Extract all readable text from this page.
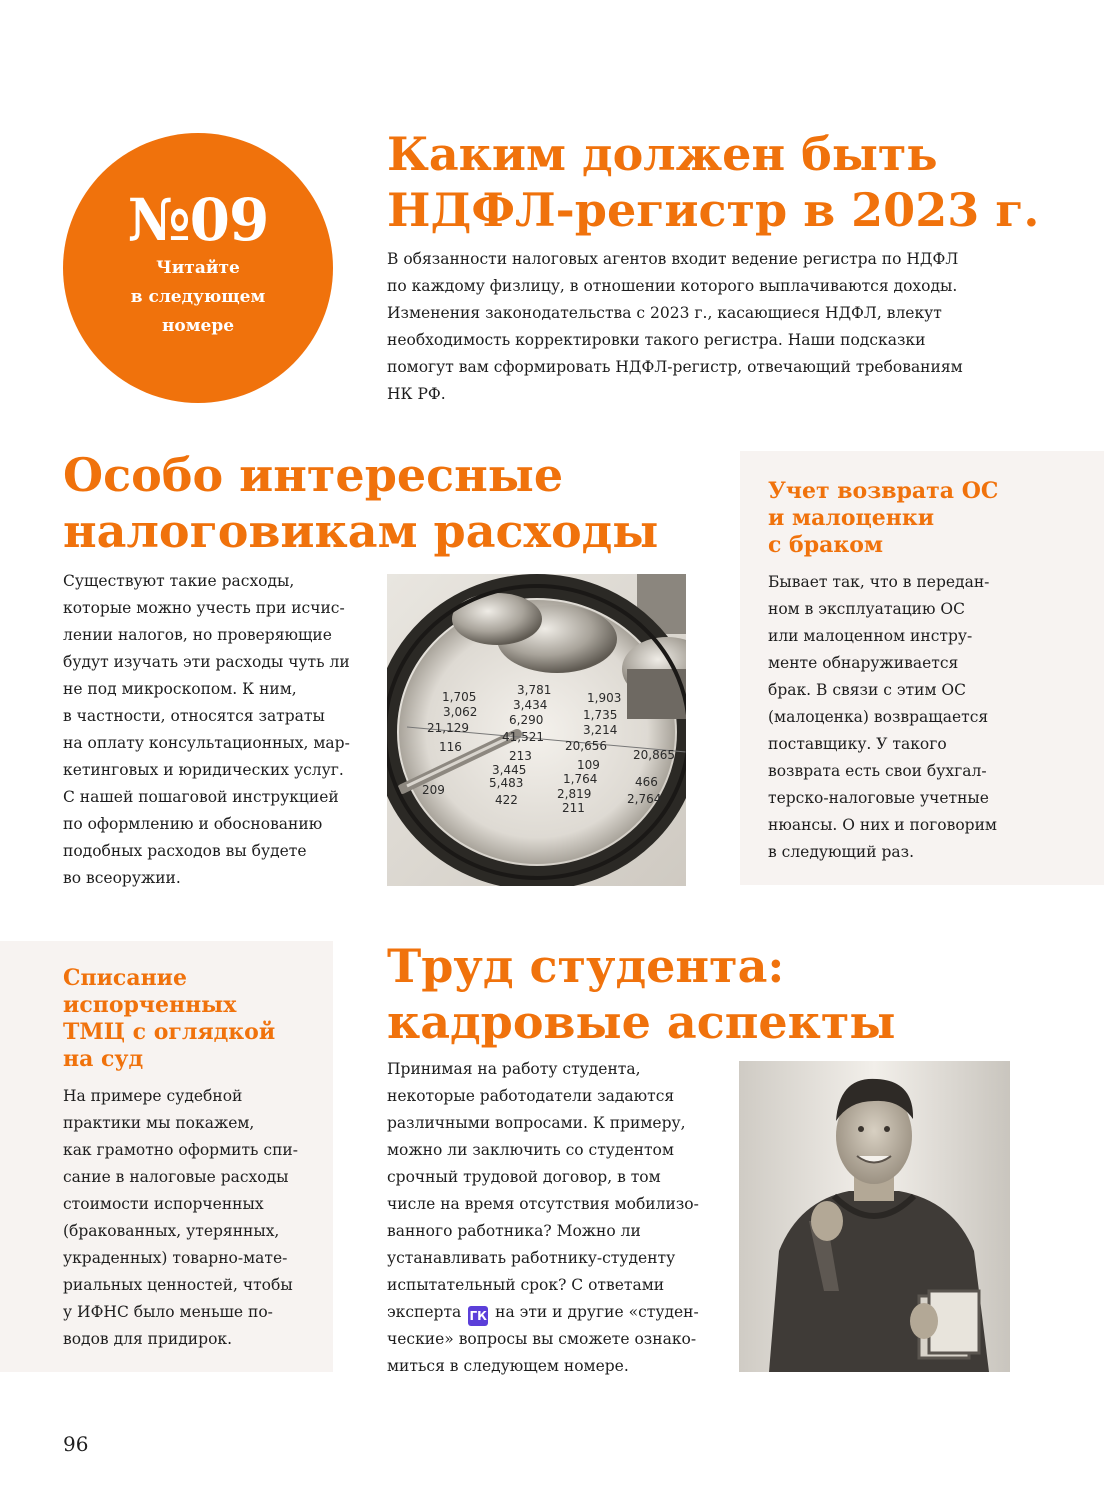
№09
Читайте
в следующем
номере
Каким должен быть
НДФЛ-регистр в 2023 г.

В обязанности налоговых агентов входит ведение регистра по НДФЛ
по каждому физлицу, в отношении которого выплачиваются доходы.
Изменения законодательства с 2023 г., касающиеся НДФЛ, влекут
необходимость корректировки такого регистра. Наши подсказки
помогут вам сформировать НДФЛ-регистр, отвечающий требованиям
НК РФ.

Особо интересные
налоговикам расходы

Существуют такие расходы,
которые можно учесть при исчис-
лении налогов, но проверяющие
будут изучать эти расходы чуть ли
не под микроскопом. К ним,
в частности, относятся затраты
на оплату консультационных, мар-
кетинговых и юридических услуг.
С нашей пошаговой инструкцией
по оформлению и обоснованию
подобных расходов вы будете
во всеоружии.

3,781
1,903
1,705
3,434
1,735
3,062
6,290
3,214
21,129
41,521
20,656
20,865
116
213
109
3,445
1,764	466
209	5,483
2,819	2,764
422
211
Учет возврата ОС
и малоценки
с браком

Бывает так, что в передан-
ном в эксплуатацию ОС
или малоценном инстру-
менте обнаруживается
брак. В связи с этим ОС
(малоценка) возвращается
поставщику. У такого
возврата есть свои бухгал-
терско-налоговые учетные
нюансы. О них и поговорим
в следующий раз.

Списание
испорченных
ТМЦ с оглядкой
на суд

На примере судебной
практики мы покажем,
как грамотно оформить спи-
сание в налоговые расходы
стоимости испорченных
(бракованных, утерянных,
украденных) товарно-мате-
риальных ценностей, чтобы
у ИФНС было меньше по-
водов для придирок.

Труд студента:
кадровые аспекты

Принимая на работу студента,
некоторые работодатели задаются
различными вопросами. К примеру,
можно ли заключить со студентом
срочный трудовой договор, в том
числе на время отсутствия мобилизо-
ванного работника? Можно ли
устанавливать работнику-студенту
испытательный срок? С ответами
эксперта ГК на эти и другие «студен-
ческие» вопросы вы сможете ознако-
миться в следующем номере.

96
